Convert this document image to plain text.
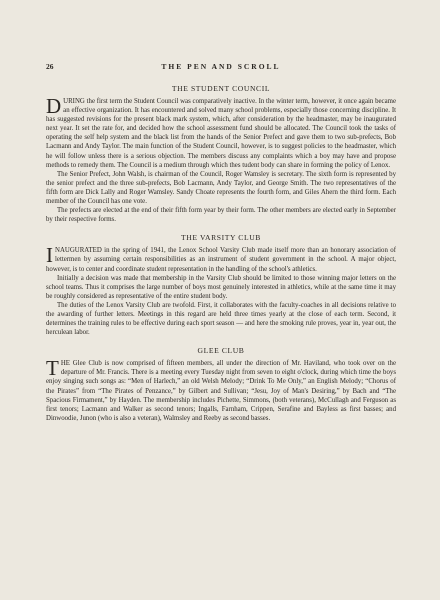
26	THE PEN AND SCROLL
THE STUDENT COUNCIL

DURING the first term the Student Council was comparatively inactive. In the winter term, however, it once again became an effective organization. It has encountered and solved many school problems, especially those concerning discipline. It has suggested revisions for the present black mark system, which, after consideration by the headmaster, may be inaugurated next year. It set the rate for, and decided how the school assessment fund should be allocated. The Council took the tasks of operating the self help system and the black list from the hands of the Senior Prefect and gave them to two sub-prefects, Bob Lacmann and Andy Taylor. The main function of the Student Council, however, is to suggest policies to the headmaster, which he will follow unless there is a serious objection. The members discuss any complaints which a boy may have and propose methods to remedy them. The Council is a medium through which thes tudent body can share in forming the policy of Lenox.

The Senior Prefect, John Walsh, is chairman of the Council, Roger Wamsley is secretary. The sixth form is represented by the senior prefect and the three sub-prefects, Bob Lacmann, Andy Taylor, and George Smith. The two representatives of the fifth form are Dick Lally and Roger Wamsley. Sandy Choate represents the fourth form, and Giles Ahern the third form. Each member of the Council has one vote.

The prefects are elected at the end of their fifth form year by their form. The other members are elected early in September by their respective forms.

THE VARSITY CLUB

INAUGURATED in the spring of 1941, the Lenox School Varsity Club made itself more than an honorary association of lettermen by assuming certain responsibilities as an instrument of student government in the school. A major object, however, is to center and coordinate student representation in the handling of the school's athletics.

Initially a decision was made that membership in the Varsity Club should be limited to those winning major letters on the school teams. Thus it comprises the large number of boys most genuinely interested in athletics, while at the same time it may be roughly considered as representative of the entire student body.

The duties of the Lenox Varsity Club are twofold. First, it collaborates with the faculty-coaches in all decisions relative to the awarding of further letters. Meetings in this regard are held three times yearly at the close of each term. Second, it determines the training rules to be effective during each sport season — and here the smoking rule proves, year in, year out, the herculean labor.

GLEE CLUB

THE Glee Club is now comprised of fifteen members, all under the direction of Mr. Haviland, who took over on the departure of Mr. Francis. There is a meeting every Tuesday night from seven to eight o'clock, during which time the boys enjoy singing such songs as: “Men of Harlech,” an old Welsh Melody; “Drink To Me Only,” an English Melody; “Chorus of the Pirates” from “The Pirates of Penzance,” by Gilbert and Sullivan; “Jesu, Joy of Man's Desiring,” by Bach and “The Spacious Firmament,” by Hayden. The membership includes Pichette, Simmons, (both veterans), McCullagh and Ferguson as first tenors; Lacmann and Walker as second tenors; Ingalls, Farnham, Crippen, Serafine and Bayless as first basses; and Dinwoodie, Junon (who is also a veteran), Walmsley and Reeby as second basses.
